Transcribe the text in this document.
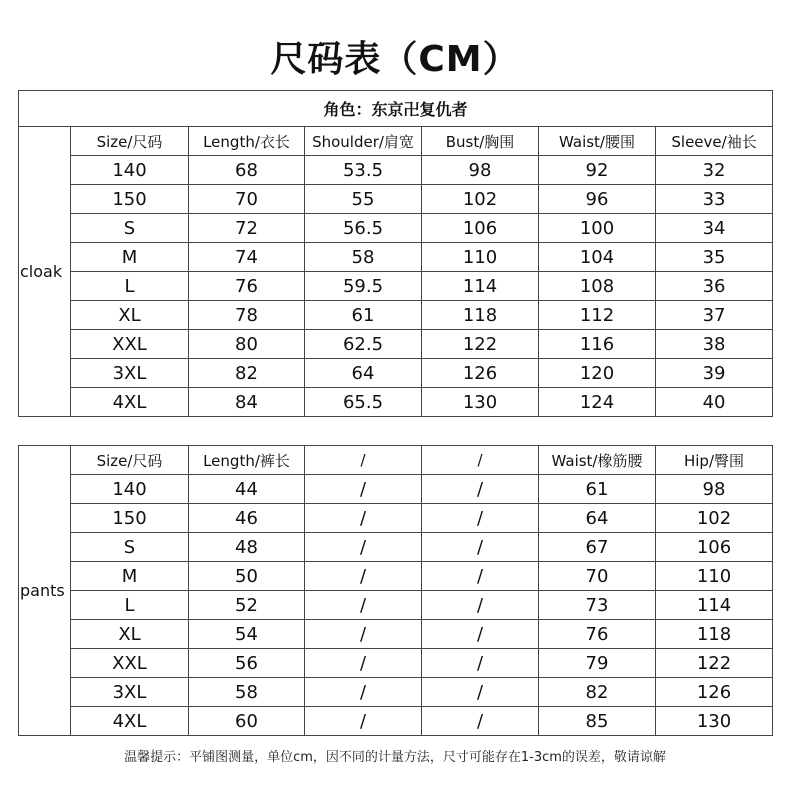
尺码表（CM）
角色：东京卍复仇者						
cloak	Size/尺码	Length/衣长	Shoulder/肩宽	Bust/胸围	Waist/腰围	Sleeve/袖长
	140	68	53.5	98	92	32
	150	70	55	102	96	33
	S	72	56.5	106	100	34
	M	74	58	110	104	35
	L	76	59.5	114	108	36
	XL	78	61	118	112	37
	XXL	80	62.5	122	116	38
	3XL	82	64	126	120	39
	4XL	84	65.5	130	124	40
pants	Size/尺码	Length/裤长	/	/	Waist/橡筋腰	Hip/臀围
	140	44	/	/	61	98
	150	46	/	/	64	102
	S	48	/	/	67	106
	M	50	/	/	70	110
	L	52	/	/	73	114
	XL	54	/	/	76	118
	XXL	56	/	/	79	122
	3XL	58	/	/	82	126
	4XL	60	/	/	85	130
温馨提示：平铺图测量，单位cm，因不同的计量方法，尺寸可能存在1-3cm的误差，敬请谅解
